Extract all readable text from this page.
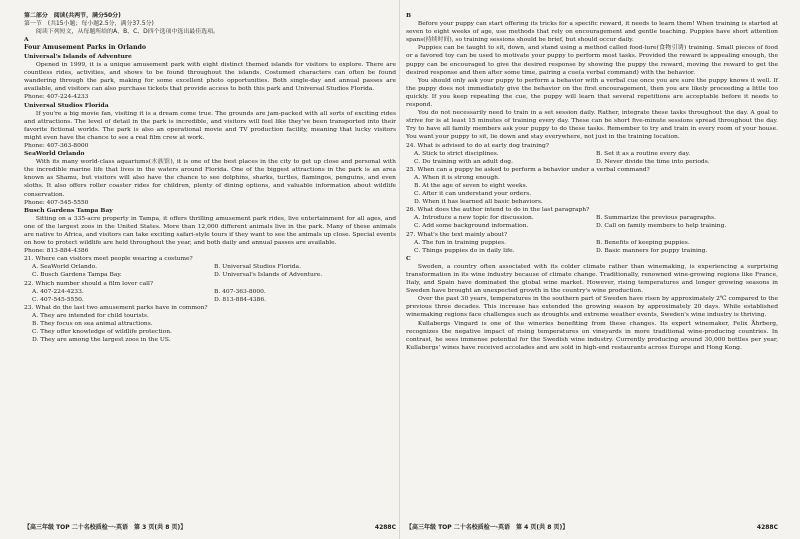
第二部分　阅读(共两节，满分50分)

第一节　(共15小题；每小题2.5分，满分37.5分)

阅读下列短文，从每题所给的A、B、C、D四个选项中选出最佳选项。

A

Four Amusement Parks in Orlando

Universal's Islands of Adventure

Opened in 1999, it is a unique amusement park with eight distinct themed islands for visitors to explore. There are countless rides, activities, and shows to be found throughout the islands. Costumed characters can often be found wandering through the park, making for some excellent photo opportunities. Both single-day and annual passes are available, and visitors can also purchase tickets that provide access to both this park and Universal Studios Florida.

Phone: 407-224-4233

Universal Studios Florida

If you're a big movie fan, visiting it is a dream come true. The grounds are jam-packed with all sorts of exciting rides and attractions. The level of detail in the park is incredible, and visitors will feel like they've been transported into their favorite fictional worlds. The park is also an operational movie and TV production facility, meaning that lucky visitors might even have the chance to see a real film crew at work.

Phone: 407-363-8000

SeaWorld Orlando

With its many world-class aquariums(水族馆), it is one of the best places in the city to get up close and personal with the incredible marine life that lives in the waters around Florida. One of the biggest attractions in the park is an area known as Shamu, but visitors will also have the chance to see dolphins, sharks, turtles, flamingos, penguins, and even sloths. It also offers roller coaster rides for children, plenty of dining options, and valuable information about wildlife conservation.

Phone: 407-545-5550

Busch Gardens Tampa Bay

Sitting on a 335-acre property in Tampa, it offers thrilling amusement park rides, live entertainment for all ages, and one of the largest zoos in the United States. More than 12,000 different animals live in the park. Many of these animals are native to Africa, and visitors can take exciting safari-style tours if they want to see the animals up close. Special events on how to protect wildlife are held throughout the year, and both daily and annual passes are available.

Phone: 813-884-4386

21. Where can visitors meet people wearing a costume?

A. SeaWorld Orlando.	B. Universal Studios Florida.
C. Busch Gardens Tampa Bay.	D. Universal's Islands of Adventure.

22. Which number should a film lover call?

A. 407-224-4233.	B. 407-363-8000.
C. 407-545-5550.	D. 813-884-4386.

23. What do the last two amusement parks have in common?

A. They are intended for child tourists.
B. They focus on sea animal attractions.
C. They offer knowledge of wildlife protection.
D. They are among the largest zoos in the US.
【高三年级 TOP 二十名校质检一·英语　第 3 页(共 8 页)】	4288C

B

Before your puppy can start offering its tricks for a specific reward, it needs to learn them! When training is started at seven to eight weeks of age, use methods that rely on encouragement and gentle teaching. Puppies have short attention spans(持续时间), so training sessions should be brief, but should occur daily.

Puppies can be taught to sit, down, and stand using a method called food-lure(食物引诱) training. Small pieces of food or a favored toy can be used to motivate your puppy to perform most tasks. Provided the reward is appealing enough, the puppy can be encouraged to give the desired response by showing the puppy the reward, moving the reward to get the desired response and then after some time, pairing a cue(a verbal command) with the behavior.

You should only ask your puppy to perform a behavior with a verbal cue once you are sure the puppy knows it well. If the puppy does not immediately give the behavior on the first encouragement, then you are likely proceeding a little too quickly. If you keep repeating the cue, the puppy will learn that several repetitions are acceptable before it needs to respond.

You do not necessarily need to train in a set session daily. Rather, integrate these tasks throughout the day. A goal to strive for is at least 15 minutes of training every day. These can be short five-minute sessions spread throughout the day. Try to have all family members ask your puppy to do these tasks. Remember to try and train in every room of your house. You want your puppy to sit, lie down and stay everywhere, not just in the training location.

24. What is advised to do at early dog training?

A. Stick to strict disciplines.	B. Set it as a routine every day.
C. Do training with an adult dog.	D. Never divide the time into periods.

25. When can a puppy be asked to perform a behavior under a verbal command?

A. When it is strong enough.
B. At the age of seven to eight weeks.
C. After it can understand your orders.
D. When it has learned all basic behaviors.

26. What does the author intend to do in the last paragraph?

A. Introduce a new topic for discussion.	B. Summarize the previous paragraphs.
C. Add some background information.	D. Call on family members to help training.

27. What's the text mainly about?

A. The fun in training puppies.	B. Benefits of keeping puppies.
C. Things puppies do in daily life.	D. Basic manners for puppy training.

C

Sweden, a country often associated with its colder climate rather than winemaking, is experiencing a surprising transformation in its wine industry because of climate change. Traditionally, renowned wine-growing regions like France, Italy, and Spain have dominated the global wine market. However, rising temperatures and longer growing seasons in Sweden have brought an unexpected growth in the country's wine production.

Over the past 30 years, temperatures in the southern part of Sweden have risen by approximately 2℃ compared to the previous three decades. This increase has extended the growing season by approximately 20 days. While established winemaking regions face challenges such as droughts and extreme weather events, Sweden's wine industry is thriving.

Kullabergs Vingard is one of the wineries benefiting from these changes. Its expert winemaker, Felix Åhrberg, recognizes the negative impact of rising temperatures on vineyards in more traditional wine-producing countries. In contrast, he sees immense potential for the Swedish wine industry. Currently producing around 30,000 bottles per year, Kullabergs' wines have received accolades and are sold in high-end restaurants across Europe and Hong Kong.

【高三年级 TOP 二十名校质检一·英语　第 4 页(共 8 页)】	4288C
